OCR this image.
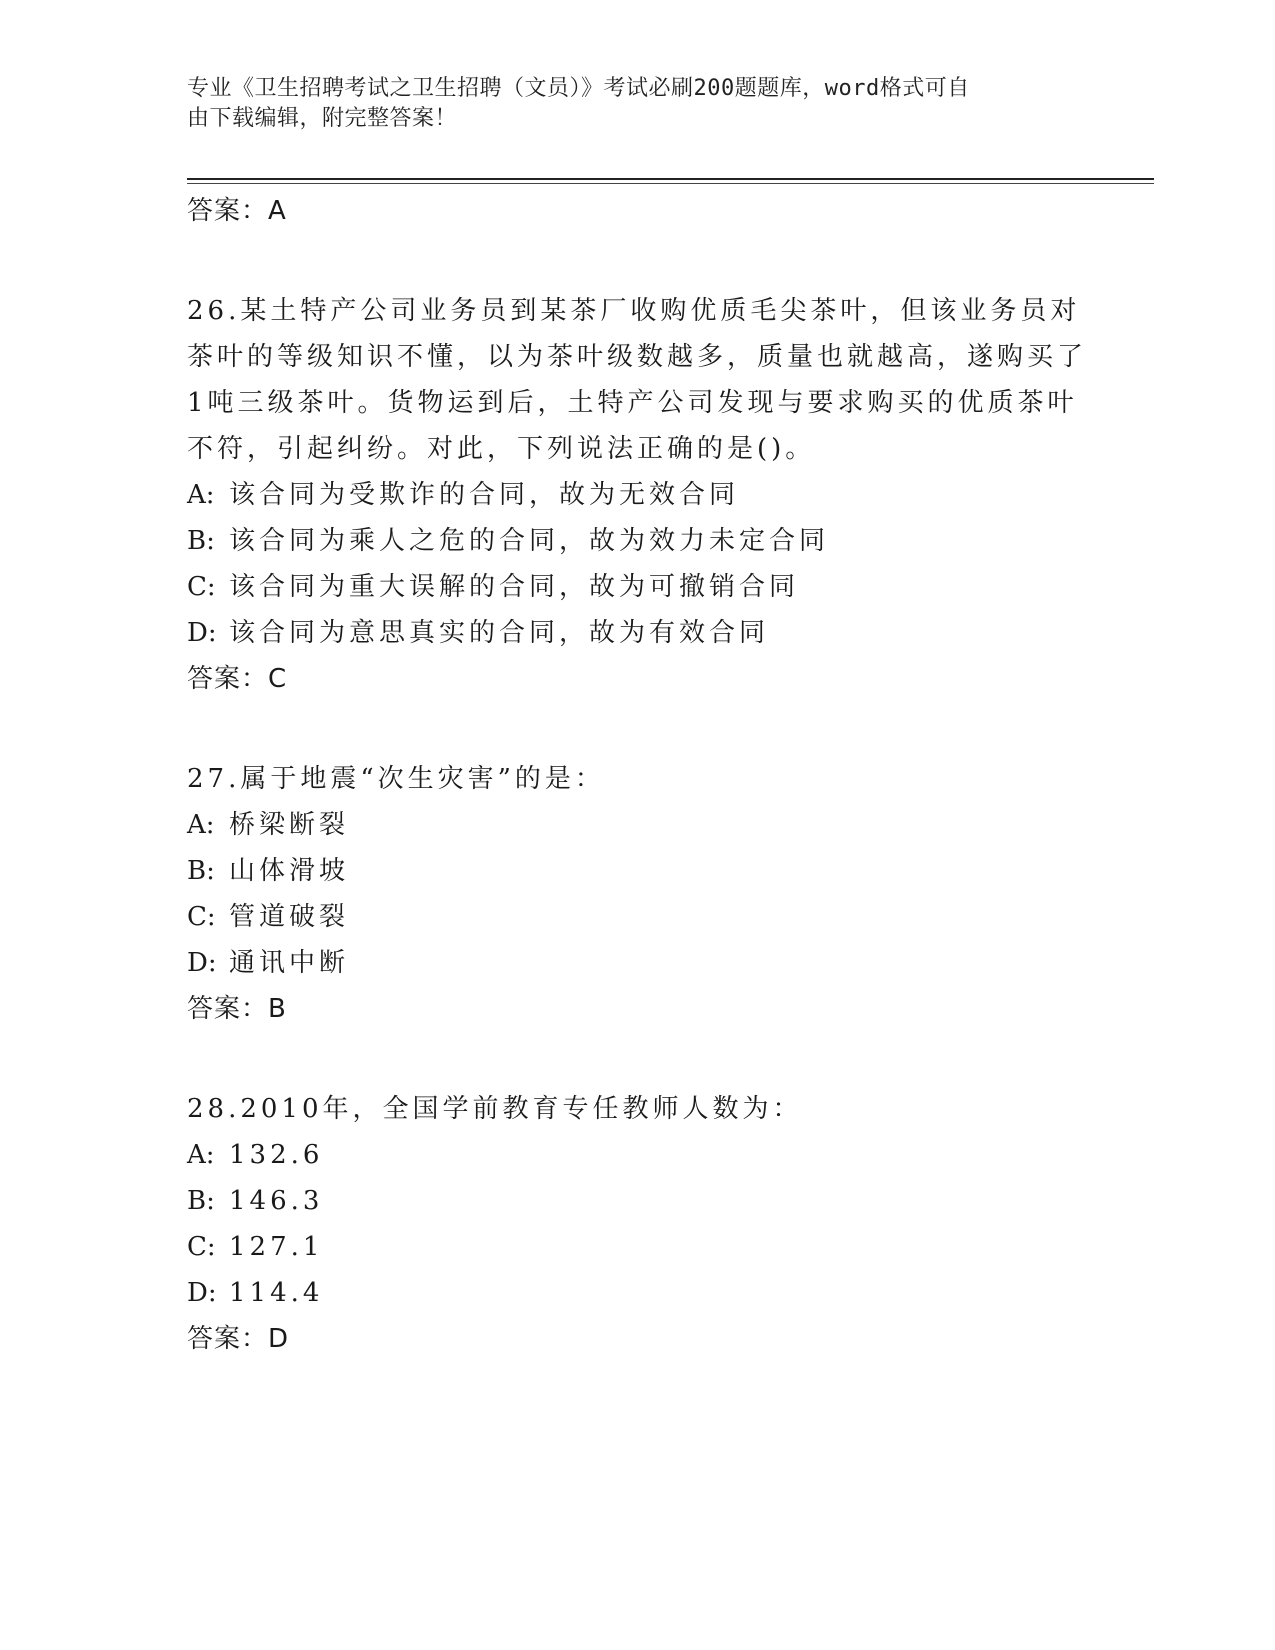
专业《卫生招聘考试之卫生招聘（文员）》考试必刷200题题库，word格式可自
由下载编辑，附完整答案！
答案：A
26.某土特产公司业务员到某茶厂收购优质毛尖茶叶，但该业务员对茶叶的等级知识不懂，以为茶叶级数越多，质量也就越高，遂购买了1吨三级茶叶。货物运到后，土特产公司发现与要求购买的优质茶叶不符，引起纠纷。对此，下列说法正确的是()。
A: 该合同为受欺诈的合同，故为无效合同
B: 该合同为乘人之危的合同，故为效力未定合同
C: 该合同为重大误解的合同，故为可撤销合同
D: 该合同为意思真实的合同，故为有效合同
答案：C
27.属于地震“次生灾害”的是：
A: 桥梁断裂
B: 山体滑坡
C: 管道破裂
D: 通讯中断
答案：B
28.2010年，全国学前教育专任教师人数为：
A: 132.6
B: 146.3
C: 127.1
D: 114.4
答案：D
